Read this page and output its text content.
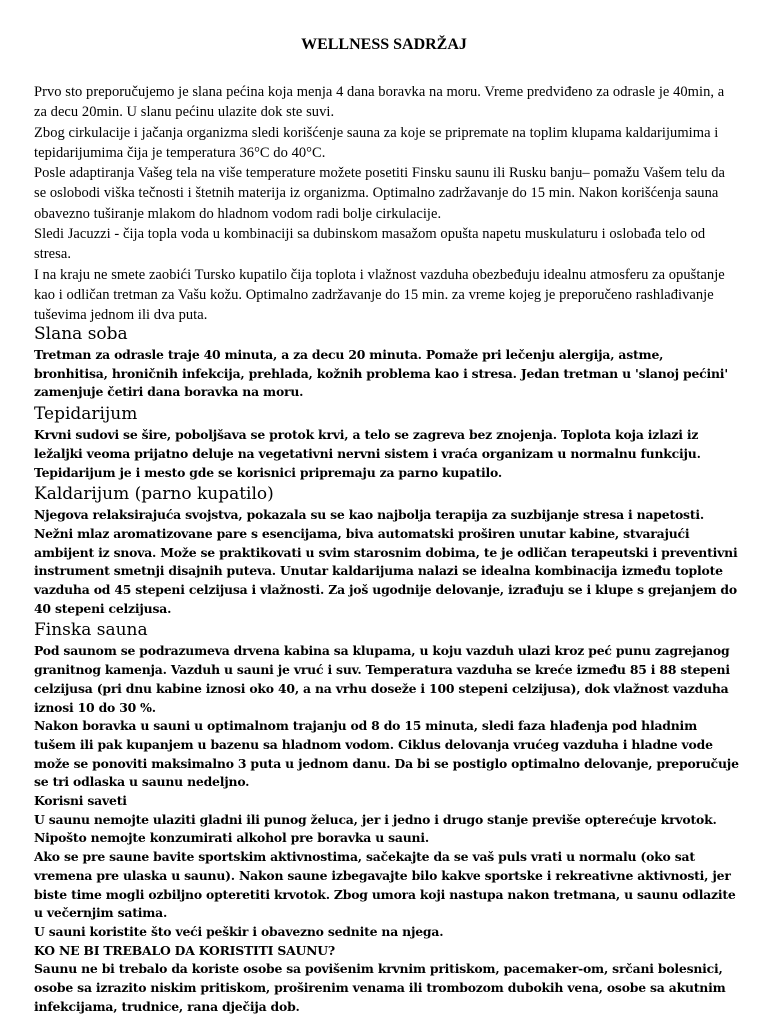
WELLNESS SADRŽAJ

Prvo sto preporučujemo je slana pećina koja menja 4 dana boravka na moru. Vreme predviđeno za odrasle je 40min, a za decu 20min. U slanu pećinu ulazite dok ste suvi.

Zbog cirkulacije i jačanja organizma sledi korišćenje sauna za koje se pripremate na toplim klupama kaldarijumima i tepidarijumima čija je temperatura 36°C do 40°C.

Posle adaptiranja Vašeg tela na više temperature možete posetiti Finsku saunu ili Rusku banju– pomažu Vašem telu da se oslobodi viška tečnosti i štetnih materija iz organizma. Optimalno zadržavanje do 15 min. Nakon korišćenja sauna obavezno tuširanje mlakom do hladnom vodom radi bolje cirkulacije.

Sledi Jacuzzi - čija topla voda u kombinaciji sa dubinskom masažom opušta napetu muskulaturu i oslobađa telo od stresa.

I na kraju ne smete zaobići Tursko kupatilo čija toplota i vlažnost vazduha obezbeđuju idealnu atmosferu za opuštanje kao i odličan tretman za Vašu kožu. Optimalno zadržavanje do 15 min. za vreme kojeg je preporučeno rashlađivanje tuševima jednom ili dva puta.

Slana soba

Tretman za odrasle traje 40 minuta, a za decu 20 minuta. Pomaže pri lečenju alergija, astme, bronhitisa, hroničnih infekcija, prehlada, kožnih problema kao i stresa. Jedan tretman u 'slanoj pećini' zamenjuje četiri dana boravka na moru.

Tepidarijum

Krvni sudovi se šire, poboljšava se protok krvi, a telo se zagreva bez znojenja. Toplota koja izlazi iz ležaljki veoma prijatno deluje na vegetativni nervni sistem i vraća organizam u normalnu funkciju.

Tepidarijum je i mesto gde se korisnici pripremaju za parno kupatilo.

Kaldarijum (parno kupatilo)

Njegova relaksirajuća svojstva, pokazala su se kao najbolja terapija za suzbijanje stresa i napetosti. Nežni mlaz aromatizovane pare s esencijama, biva automatski proširen unutar kabine, stvarajući ambijent iz snova. Može se praktikovati u svim starosnim dobima, te je odličan terapeutski i preventivni instrument smetnji disajnih puteva. Unutar kaldarijuma nalazi se idealna kombinacija između toplote vazduha od 45 stepeni celzijusa i vlažnosti. Za još ugodnije delovanje, izrađuju se i klupe s grejanjem do 40 stepeni celzijusa.

Finska sauna

Pod saunom se podrazumeva drvena kabina sa klupama, u koju vazduh ulazi kroz peć punu zagrejanog granitnog kamenja. Vazduh u sauni je vruć i suv. Temperatura vazduha se kreće između 85 i 88 stepeni celzijusa (pri dnu kabine iznosi oko 40, a na vrhu doseže i 100 stepeni celzijusa), dok vlažnost vazduha iznosi 10 do 30 %.

Nakon boravka u sauni u optimalnom trajanju od 8 do 15 minuta, sledi faza hlađenja pod hladnim tušem ili pak kupanjem u bazenu sa hladnom vodom. Ciklus delovanja vrućeg vazduha i hladne vode može se ponoviti maksimalno 3 puta u jednom danu. Da bi se postiglo optimalno delovanje, preporučuje se tri odlaska u saunu nedeljno.

Korisni saveti

U saunu nemojte ulaziti gladni ili punog želuca, jer i jedno i drugo stanje previše opterećuje krvotok.

Nipošto nemojte konzumirati alkohol pre boravka u sauni.

Ako se pre saune bavite sportskim aktivnostima, sačekajte da se vaš puls vrati u normalu (oko sat vremena pre ulaska u saunu). Nakon saune izbegavajte bilo kakve sportske i rekreativne aktivnosti, jer biste time mogli ozbiljno opteretiti krvotok. Zbog umora koji nastupa nakon tretmana, u saunu odlazite u večernjim satima.

U sauni koristite što veći peškir i obavezno sednite na njega.

KO NE BI TREBALO DA KORISTITI SAUNU?

Saunu ne bi trebalo da koriste osobe sa povišenim krvnim pritiskom, pacemaker-om, srčani bolesnici, osobe sa izrazito niskim pritiskom, proširenim venama ili trombozom dubokih vena, osobe sa akutnim infekcijama, trudnice, rana dječija dob.
